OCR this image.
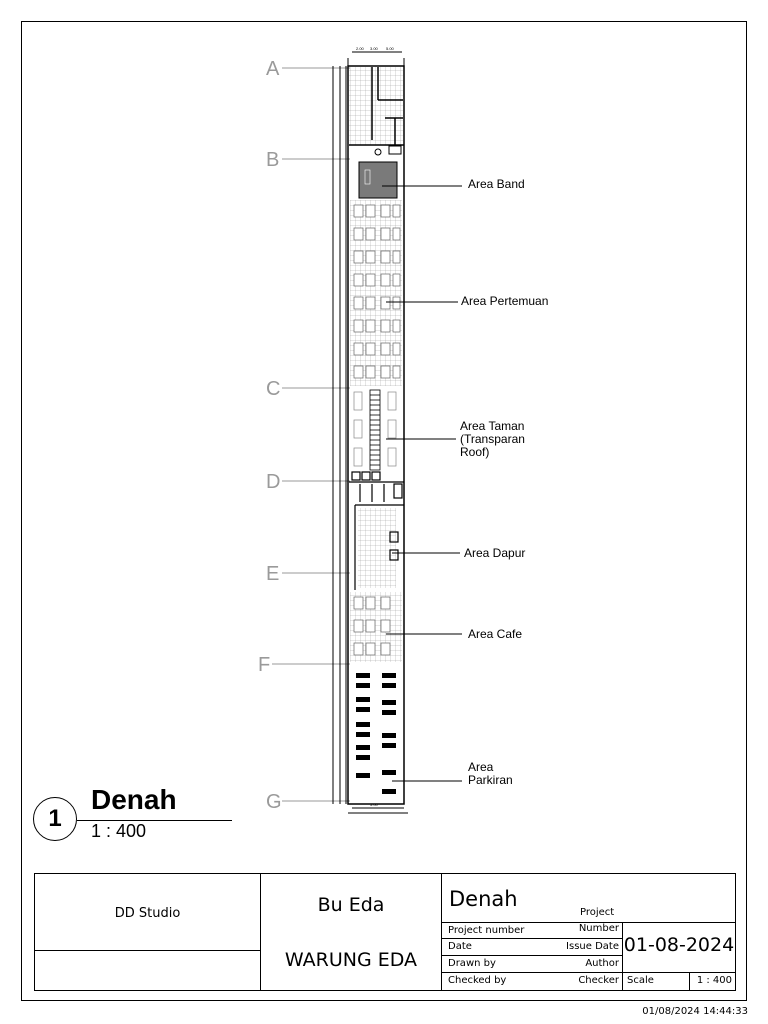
A
B
C
D
E
F
G
2.00 3.00 5.00
5.00
Area Band
Area Pertemuan
Area Taman
(Transparan
Roof)
Area Dapur
Area Cafe
Area
Parkiran
1
Denah
1 : 400
DD Studio	Bu Eda
WARUNG EDA
Denah
Project
Project number	Number
Date	Issue Date
Drawn by	Author
Checked by	Checker
01-08-2024
Scale	1 : 400
01/08/2024 14:44:33
